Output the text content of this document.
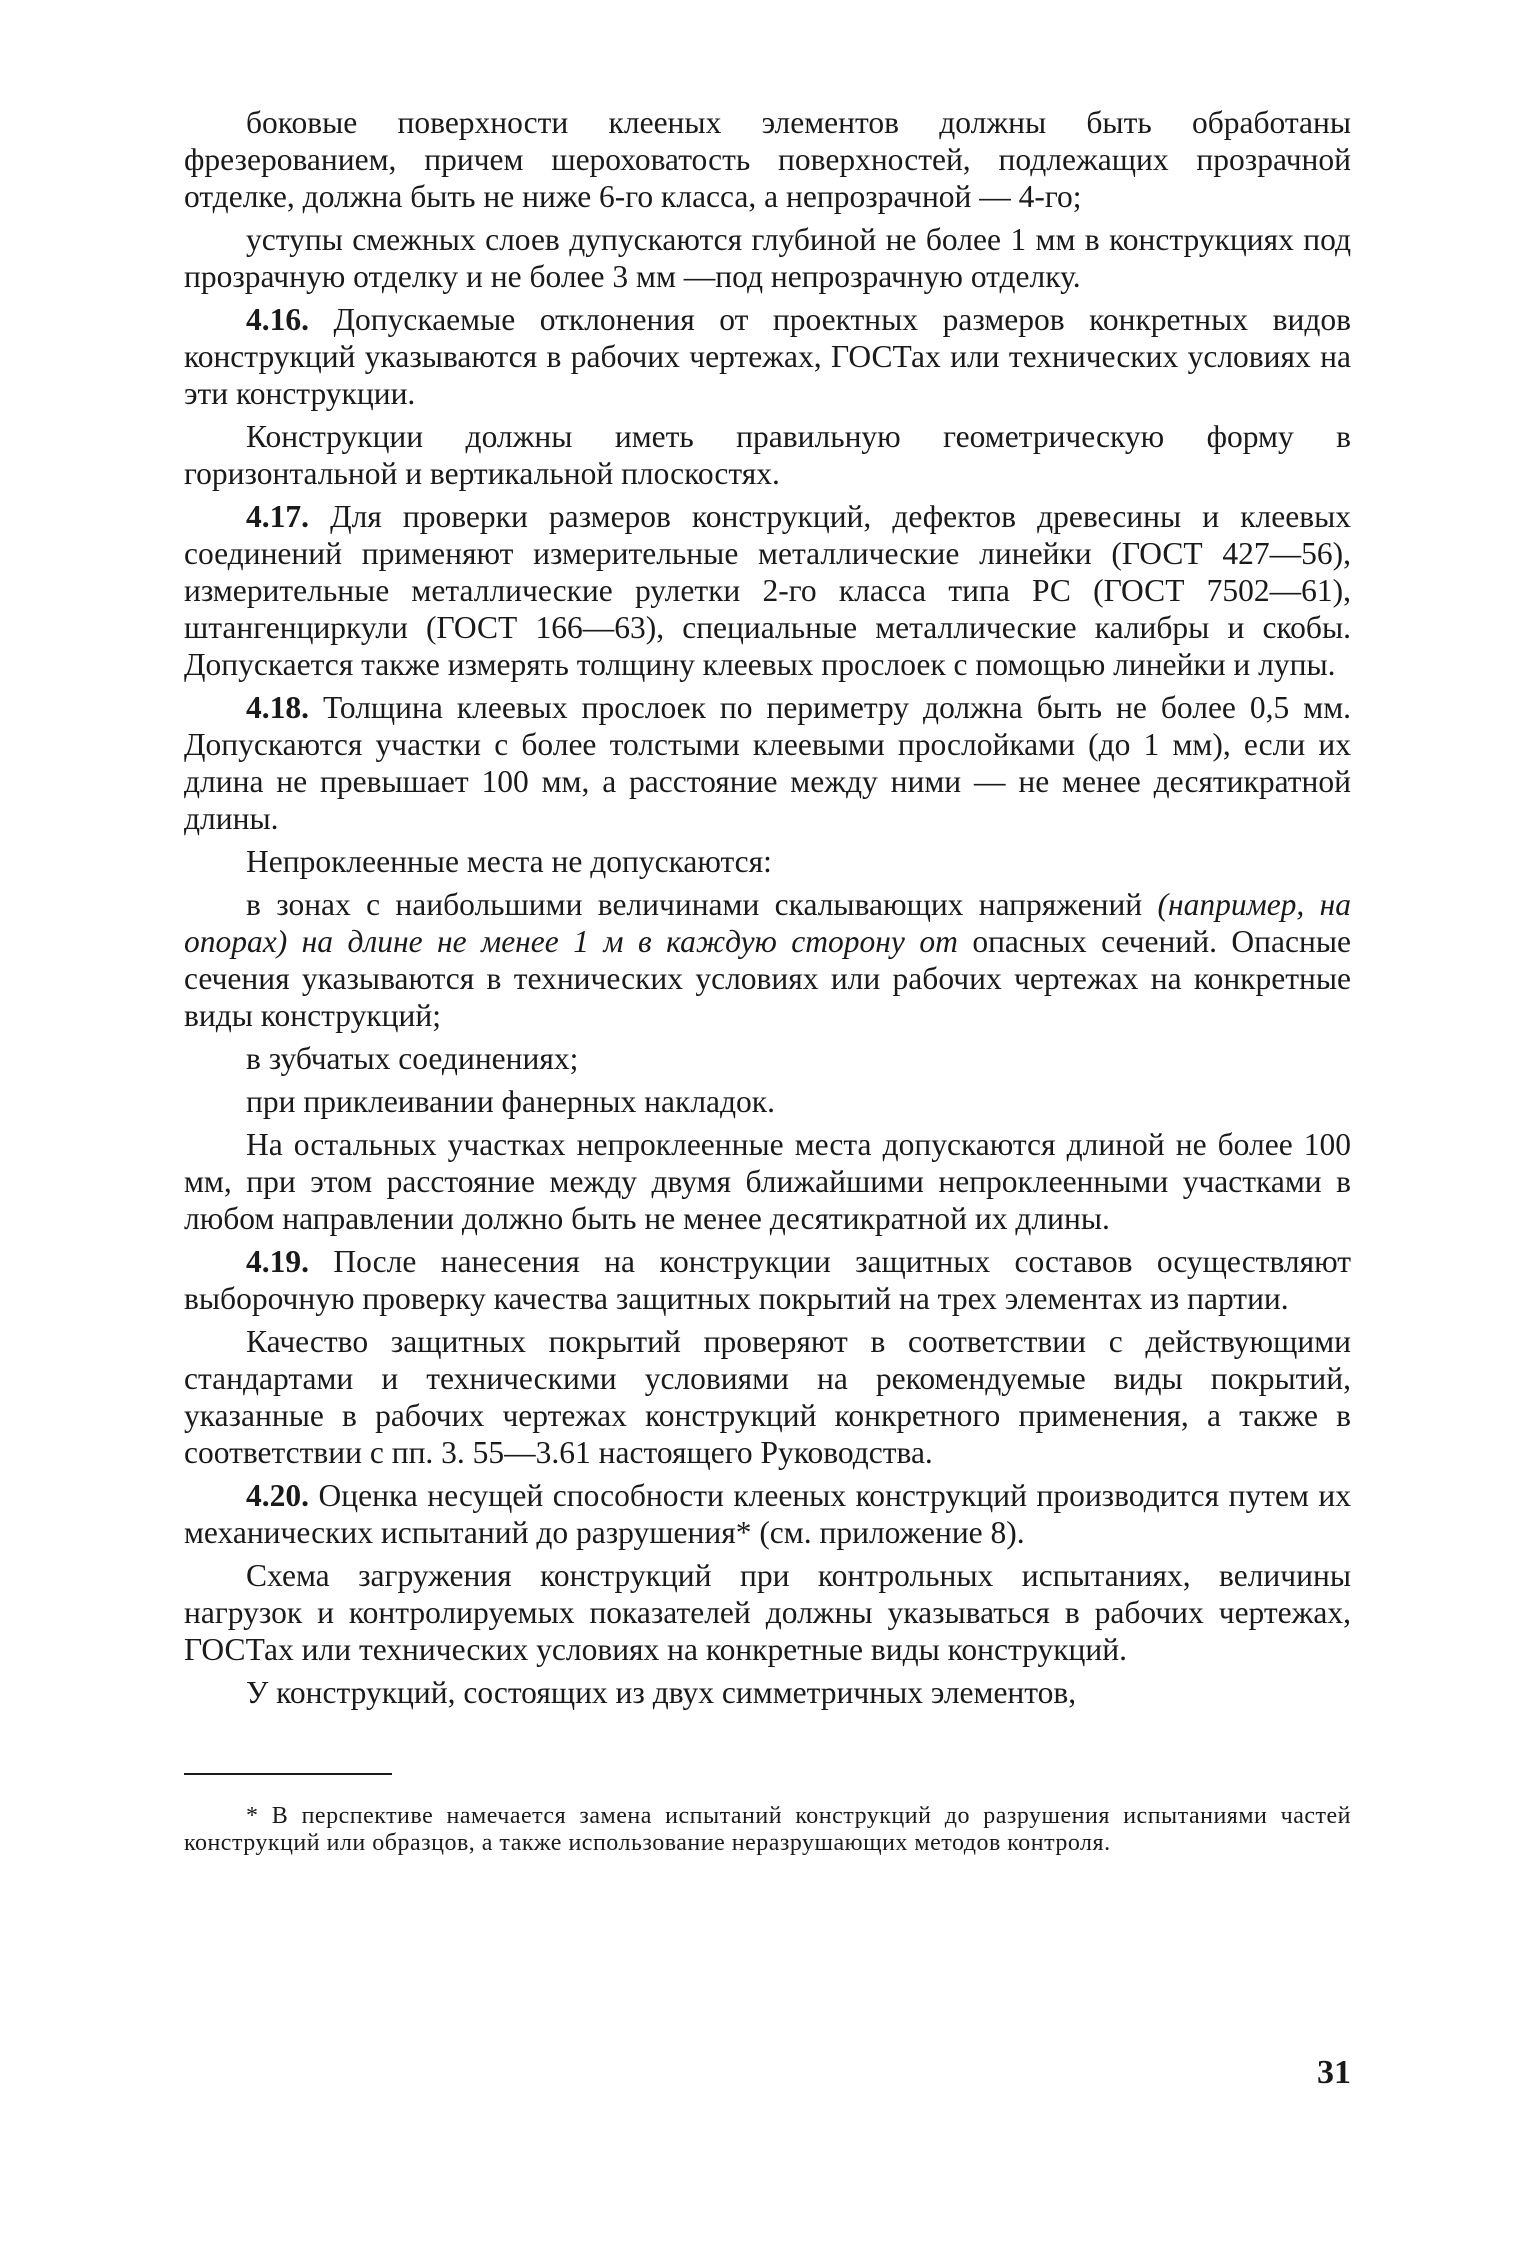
боковые поверхности клееных элементов должны быть обработаны фрезерованием, причем шероховатость поверхностей, подлежащих прозрачной отделке, должна быть не ниже 6-го класса, а непрозрачной — 4-го;

уступы смежных слоев дупускаются глубиной не более 1 мм в конструкциях под прозрачную отделку и не более 3 мм —под непрозрачную отделку.

4.16. Допускаемые отклонения от проектных размеров конкретных видов конструкций указываются в рабочих чертежах, ГОСТах или технических условиях на эти конструкции.

Конструкции должны иметь правильную геометрическую форму в горизонтальной и вертикальной плоскостях.

4.17. Для проверки размеров конструкций, дефектов древесины и клеевых соединений применяют измерительные металлические линейки (ГОСТ 427—56), измерительные металлические рулетки 2-го класса типа РС (ГОСТ 7502—61), штангенциркули (ГОСТ 166—63), специальные металлические калибры и скобы. Допускается также измерять толщину клеевых прослоек с помощью линейки и лупы.

4.18. Толщина клеевых прослоек по периметру должна быть не более 0,5 мм. Допускаются участки с более толстыми клеевыми прослойками (до 1 мм), если их длина не превышает 100 мм, а расстояние между ними — не менее десятикратной длины.

Непроклеенные места не допускаются:

в зонах с наибольшими величинами скалывающих напряжений (например, на опорах) на длине не менее 1 м в каждую сторону от опасных сечений. Опасные сечения указываются в технических условиях или рабочих чертежах на конкретные виды конструкций;

в зубчатых соединениях;

при приклеивании фанерных накладок.

На остальных участках непроклеенные места допускаются длиной не более 100 мм, при этом расстояние между двумя ближайшими непроклеенными участками в любом направлении должно быть не менее десятикратной их длины.

4.19. После нанесения на конструкции защитных составов осуществляют выборочную проверку качества защитных покрытий на трех элементах из партии.

Качество защитных покрытий проверяют в соответствии с действующими стандартами и техническими условиями на рекомендуемые виды покрытий, указанные в рабочих чертежах конструкций конкретного применения, а также в соответствии с пп. 3. 55—3.61 настоящего Руководства.

4.20. Оценка несущей способности клееных конструкций производится путем их механических испытаний до разрушения* (см. приложение 8).

Схема загружения конструкций при контрольных испытаниях, величины нагрузок и контролируемых показателей должны указываться в рабочих чертежах, ГОСТах или технических условиях на конкретные виды конструкций.

У конструкций, состоящих из двух симметричных элементов,

* В перспективе намечается замена испытаний конструкций до разрушения испытаниями частей конструкций или образцов, а также использование неразрушающих методов контроля.

31
